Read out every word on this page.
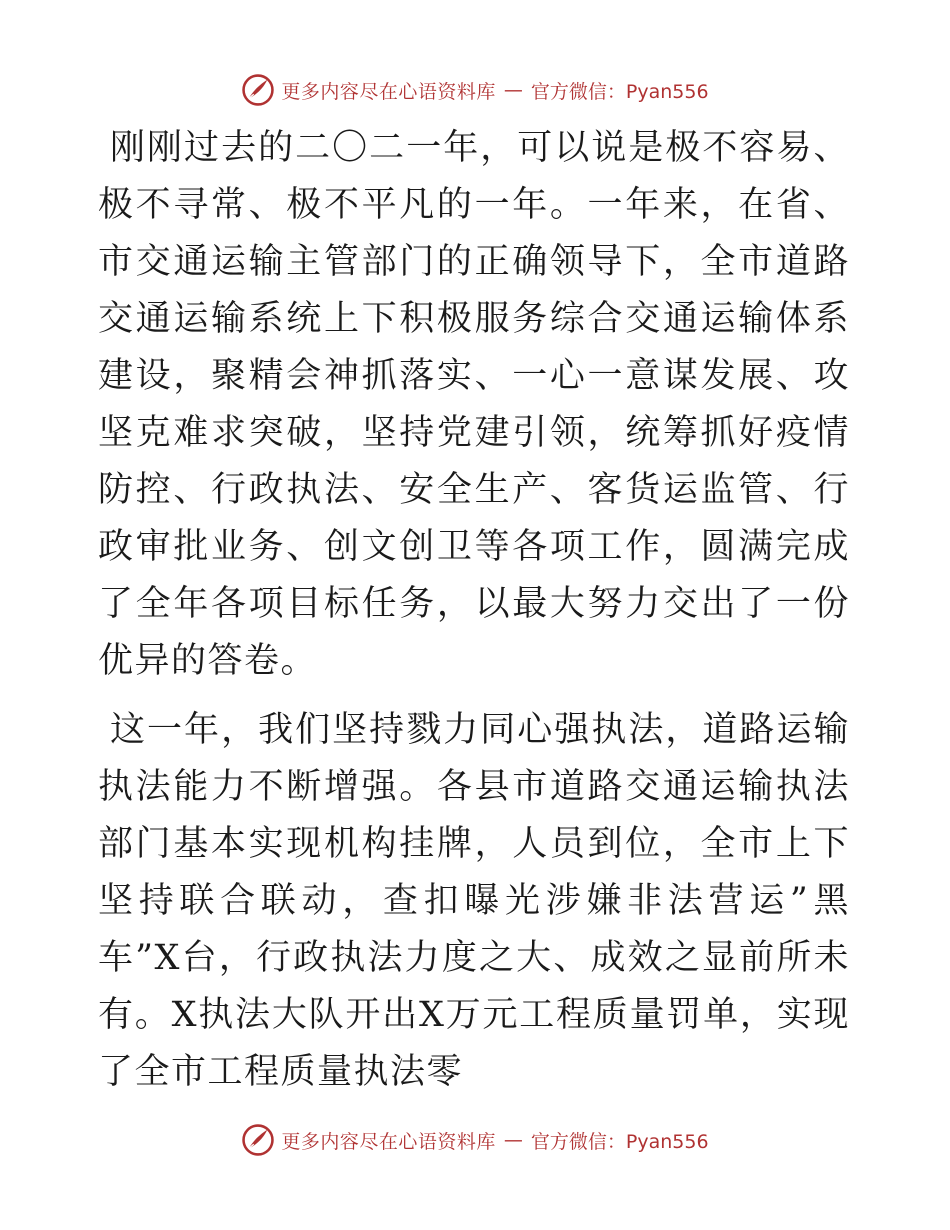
更多内容尽在心语资料库 — 官方微信：Pyan556

刚刚过去的二〇二一年，可以说是极不容易、极不寻常、极不平凡的一年。一年来，在省、市交通运输主管部门的正确领导下，全市道路交通运输系统上下积极服务综合交通运输体系建设，聚精会神抓落实、一心一意谋发展、攻坚克难求突破，坚持党建引领，统筹抓好疫情防控、行政执法、安全生产、客货运监管、行政审批业务、创文创卫等各项工作，圆满完成了全年各项目标任务，以最大努力交出了一份优异的答卷。

这一年，我们坚持戮力同心强执法，道路运输执法能力不断增强。各县市道路交通运输执法部门基本实现机构挂牌，人员到位，全市上下坚持联合联动，查扣曝光涉嫌非法营运”黑车”X台，行政执法力度之大、成效之显前所未有。X执法大队开出X万元工程质量罚单，实现了全市工程质量执法零

更多内容尽在心语资料库 — 官方微信：Pyan556
